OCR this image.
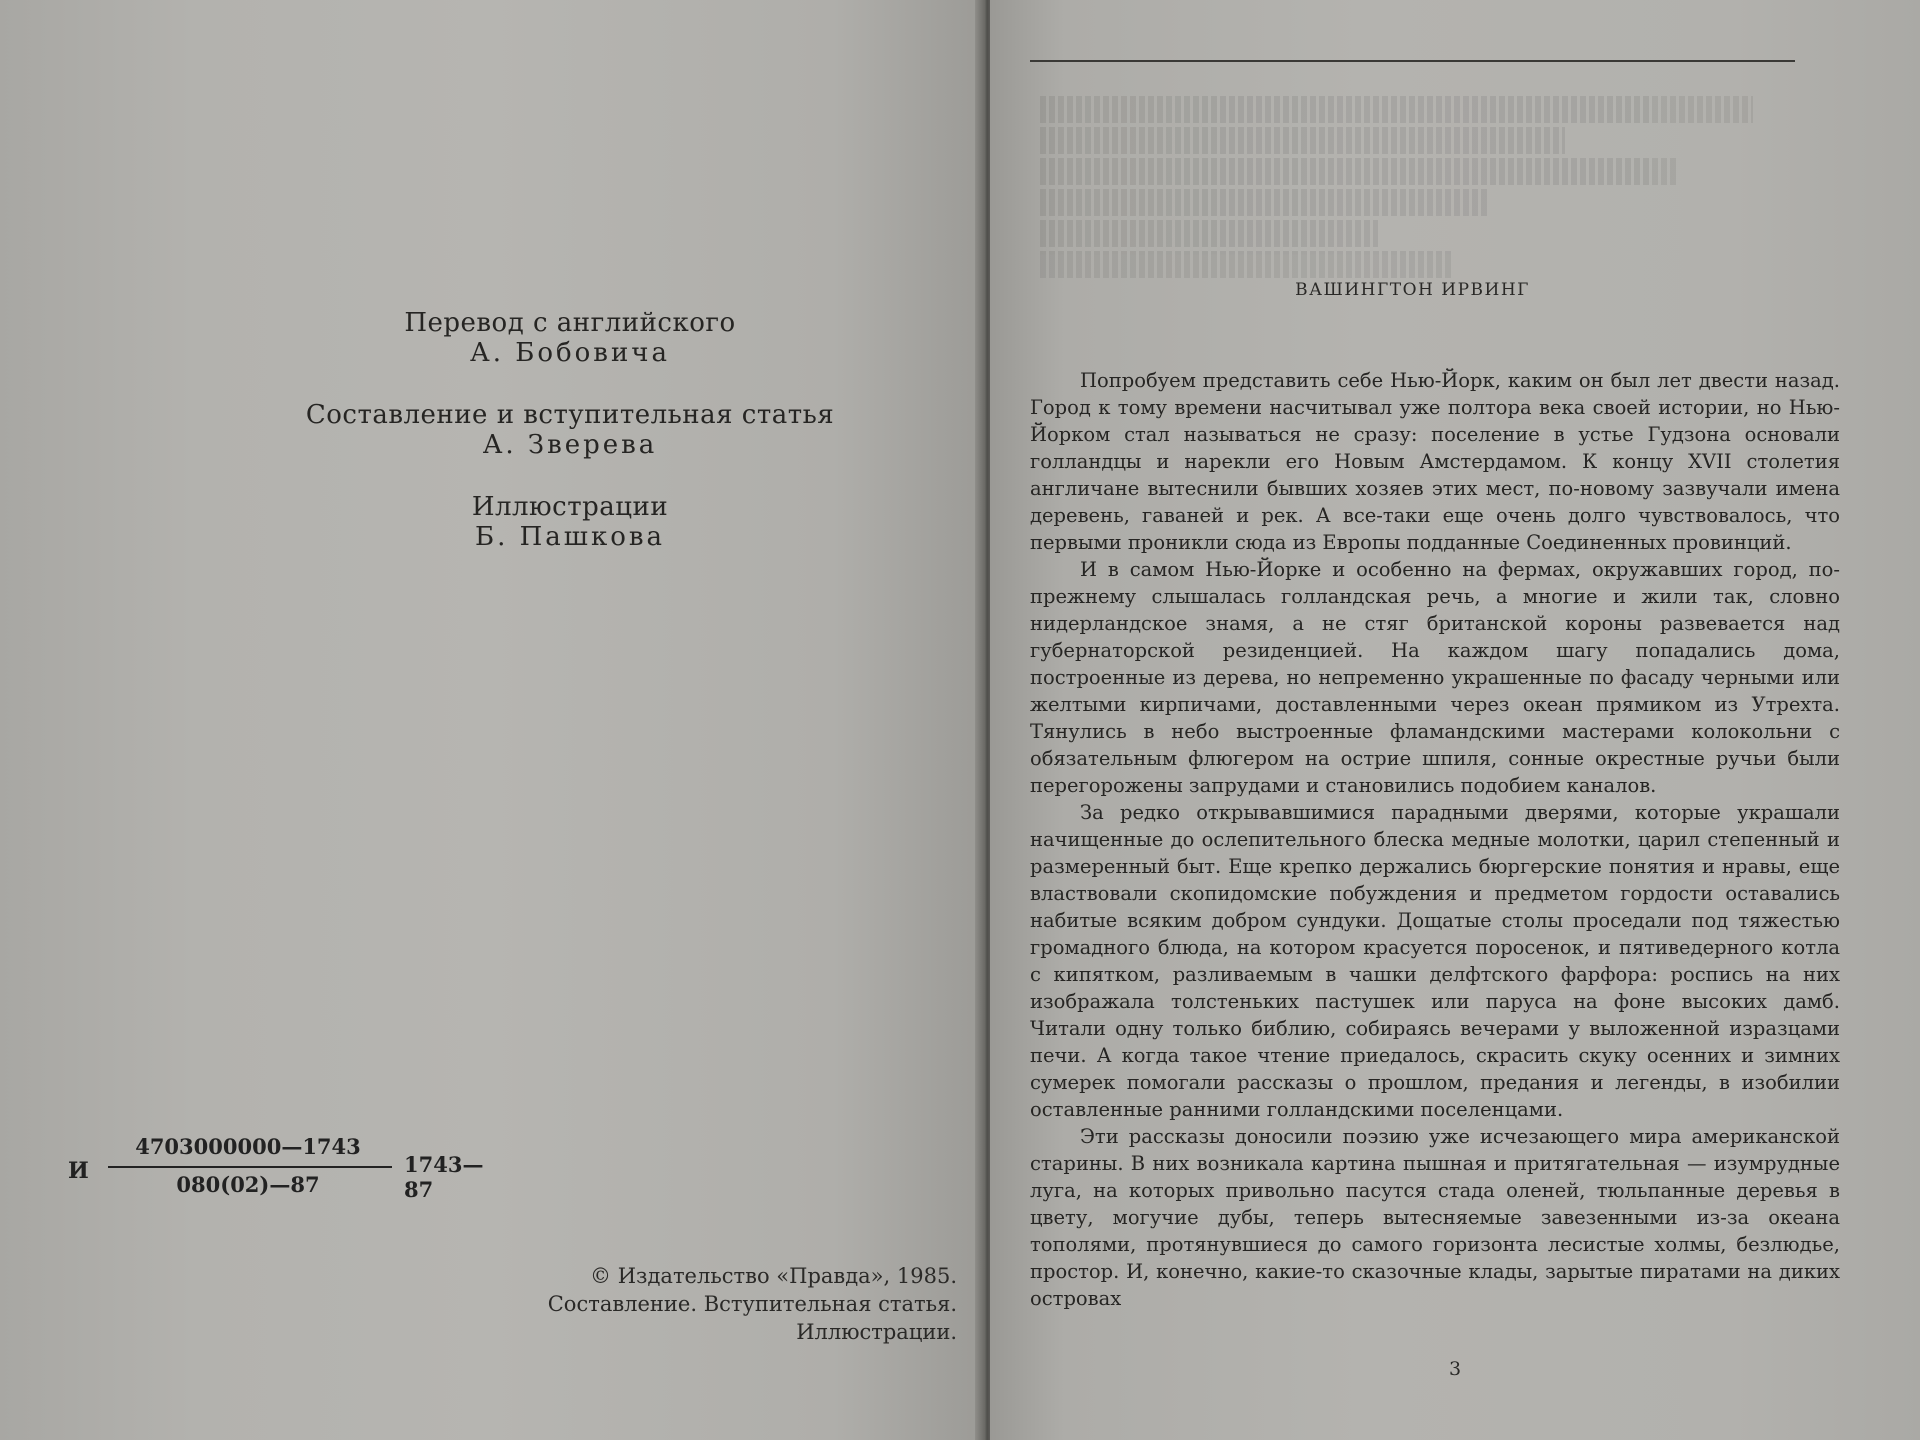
Перевод с английского
А. Бобовича
Составление и вступительная статья
А. Зверева
Иллюстрации
Б. Пашкова
И
4703000000—1743
080(02)—87
1743—87
© Издательство «Правда», 1985.
Составление. Вступительная статья.
Иллюстрации.
ВАШИНГТОН ИРВИНГ

Попробуем представить себе Нью-Йорк, каким он был лет двести назад. Город к тому времени насчитывал уже полтора века своей истории, но Нью-Йорком стал называться не сразу: поселение в устье Гудзона основали голландцы и нарекли его Новым Амстердамом. К концу XVII столетия англичане вытеснили бывших хозяев этих мест, по-новому зазвучали имена деревень, гаваней и рек. А все-таки еще очень долго чувствовалось, что первыми проникли сюда из Европы подданные Соединенных провинций.

И в самом Нью-Йорке и особенно на фермах, окружавших город, по-прежнему слышалась голландская речь, а многие и жили так, словно нидерландское знамя, а не стяг британской короны развевается над губернаторской резиденцией. На каждом шагу попадались дома, построенные из дерева, но непременно украшенные по фасаду черными или желтыми кирпичами, доставленными через океан прямиком из Утрехта. Тянулись в небо выстроенные фламандскими мастерами колокольни с обязательным флюгером на острие шпиля, сонные окрестные ручьи были перегорожены запрудами и становились подобием каналов.

За редко открывавшимися парадными дверями, которые украшали начищенные до ослепительного блеска медные молотки, царил степенный и размеренный быт. Еще крепко держались бюргерские понятия и нравы, еще властвовали скопидомские побуждения и предметом гордости оставались набитые всяким добром сундуки. Дощатые столы проседали под тяжестью громадного блюда, на котором красуется поросенок, и пятиведерного котла с кипятком, разливаемым в чашки делфтского фарфора: роспись на них изображала толстеньких пастушек или паруса на фоне высоких дамб. Читали одну только библию, собираясь вечерами у выложенной изразцами печи. А когда такое чтение приедалось, скрасить скуку осенних и зимних сумерек помогали рассказы о прошлом, предания и легенды, в изобилии оставленные ранними голландскими поселенцами.

Эти рассказы доносили поэзию уже исчезающего мира американской старины. В них возникала картина пышная и притягательная — изумрудные луга, на которых привольно пасутся стада оленей, тюльпанные деревья в цвету, могучие дубы, теперь вытесняемые завезенными из-за океана тополями, протянувшиеся до самого горизонта лесистые холмы, безлюдье, простор. И, конечно, какие-то сказочные клады, зарытые пиратами на диких островах

3
